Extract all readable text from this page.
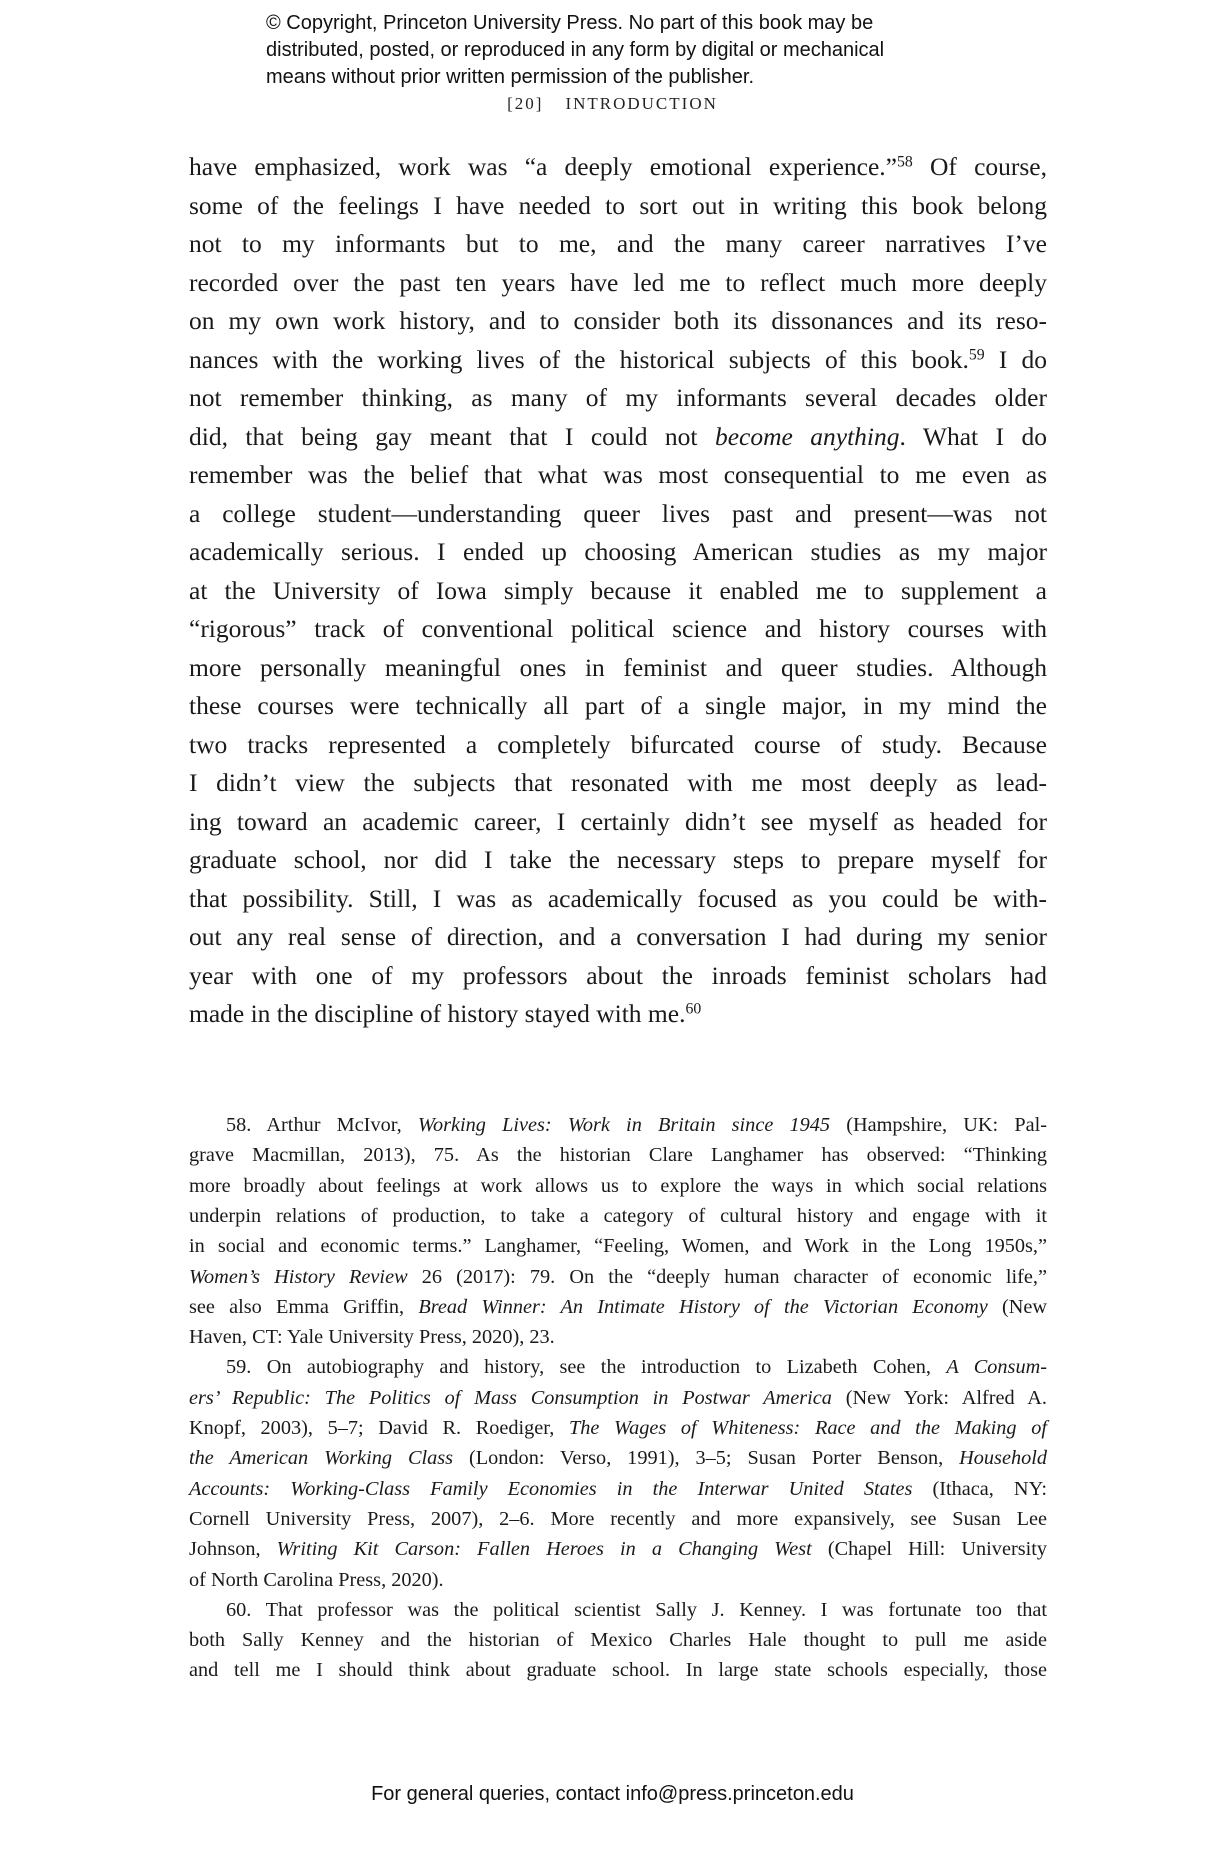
© Copyright, Princeton University Press. No part of this book may be
distributed, posted, or reproduced in any form by digital or mechanical
means without prior written permission of the publisher.
[20] INTRODUCTION
have emphasized, work was “a deeply emotional experience.”$^{58}$ Of course,
some of the feelings I have needed to sort out in writing this book belong
not to my informants but to me, and the many career narratives I’ve
recorded over the past ten years have led me to reflect much more deeply
on my own work history, and to consider both its dissonances and its reso-
nances with the working lives of the historical subjects of this book.$^{59}$ I do
not remember thinking, as many of my informants several decades older
did, that being gay meant that I could not become anything. What I do
remember was the belief that what was most consequential to me even as
a college student—understanding queer lives past and present—was not
academically serious. I ended up choosing American studies as my major
at the University of Iowa simply because it enabled me to supplement a
“rigorous” track of conventional political science and history courses with
more personally meaningful ones in feminist and queer studies. Although
these courses were technically all part of a single major, in my mind the
two tracks represented a completely bifurcated course of study. Because
I didn’t view the subjects that resonated with me most deeply as lead-
ing toward an academic career, I certainly didn’t see myself as headed for
graduate school, nor did I take the necessary steps to prepare myself for
that possibility. Still, I was as academically focused as you could be with-
out any real sense of direction, and a conversation I had during my senior
year with one of my professors about the inroads feminist scholars had
made in the discipline of history stayed with me.$^{60}$
58. Arthur McIvor, Working Lives: Work in Britain since 1945 (Hampshire, UK: Pal-
grave Macmillan, 2013), 75. As the historian Clare Langhamer has observed: “Thinking
more broadly about feelings at work allows us to explore the ways in which social relations
underpin relations of production, to take a category of cultural history and engage with it
in social and economic terms.” Langhamer, “Feeling, Women, and Work in the Long 1950s,”
Women’s History Review 26 (2017): 79. On the “deeply human character of economic life,”
see also Emma Griffin, Bread Winner: An Intimate History of the Victorian Economy (New
Haven, CT: Yale University Press, 2020), 23.
59. On autobiography and history, see the introduction to Lizabeth Cohen, A Consum-
ers’ Republic: The Politics of Mass Consumption in Postwar America (New York: Alfred A.
Knopf, 2003), 5–7; David R. Roediger, The Wages of Whiteness: Race and the Making of
the American Working Class (London: Verso, 1991), 3–5; Susan Porter Benson, Household
Accounts: Working-Class Family Economies in the Interwar United States (Ithaca, NY:
Cornell University Press, 2007), 2–6. More recently and more expansively, see Susan Lee
Johnson, Writing Kit Carson: Fallen Heroes in a Changing West (Chapel Hill: University
of North Carolina Press, 2020).
60. That professor was the political scientist Sally J. Kenney. I was fortunate too that
both Sally Kenney and the historian of Mexico Charles Hale thought to pull me aside
and tell me I should think about graduate school. In large state schools especially, those
For general queries, contact info@press.princeton.edu
